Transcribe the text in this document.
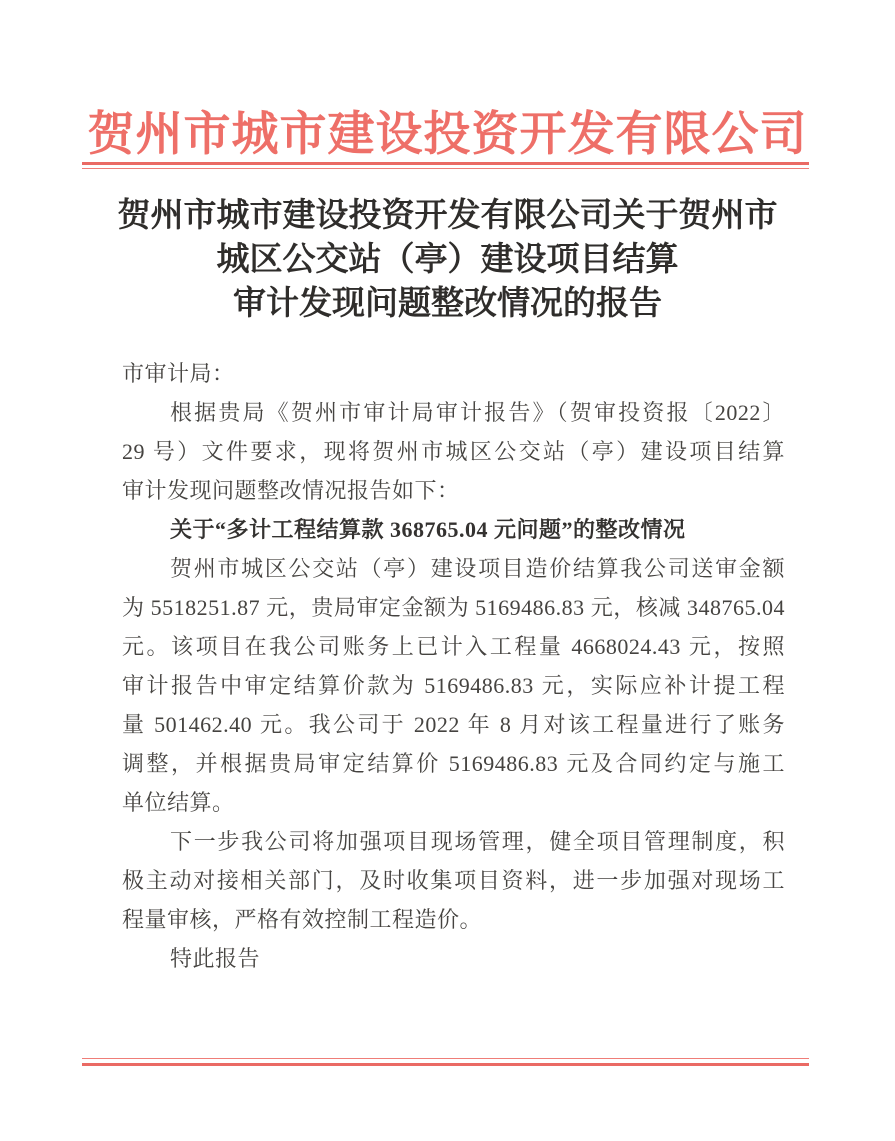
贺州市城市建设投资开发有限公司
贺州市城市建设投资开发有限公司关于贺州市
城区公交站（亭）建设项目结算
审计发现问题整改情况的报告
市审计局：
根据贵局《贺州市审计局审计报告》（贺审投资报〔2022〕
29 号）文件要求，现将贺州市城区公交站（亭）建设项目结算
审计发现问题整改情况报告如下：
关于“多计工程结算款 368765.04 元问题”的整改情况
贺州市城区公交站（亭）建设项目造价结算我公司送审金额
为 5518251.87 元，贵局审定金额为 5169486.83 元，核减 348765.04
元。该项目在我公司账务上已计入工程量 4668024.43 元，按照
审计报告中审定结算价款为 5169486.83 元，实际应补计提工程
量 501462.40 元。我公司于 2022 年 8 月对该工程量进行了账务
调整，并根据贵局审定结算价 5169486.83 元及合同约定与施工
单位结算。
下一步我公司将加强项目现场管理，健全项目管理制度，积
极主动对接相关部门，及时收集项目资料，进一步加强对现场工
程量审核，严格有效控制工程造价。
特此报告
